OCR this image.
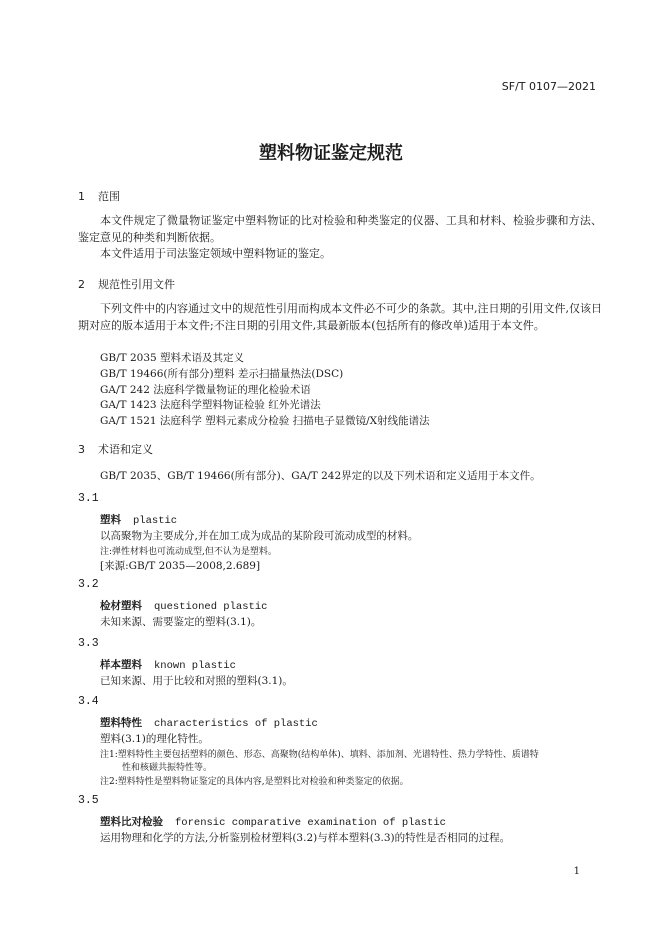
SF/T 0107—2021
塑料物证鉴定规范
1 范围
本文件规定了微量物证鉴定中塑料物证的比对检验和种类鉴定的仪器、工具和材料、检验步骤和方法、鉴定意见的种类和判断依据。
本文件适用于司法鉴定领域中塑料物证的鉴定。
2 规范性引用文件
下列文件中的内容通过文中的规范性引用而构成本文件必不可少的条款。其中,注日期的引用文件,仅该日期对应的版本适用于本文件;不注日期的引用文件,其最新版本(包括所有的修改单)适用于本文件。
GB/T 2035 塑料术语及其定义
GB/T 19466(所有部分)塑料 差示扫描量热法(DSC)
GA/T 242 法庭科学微量物证的理化检验术语
GA/T 1423 法庭科学塑料物证检验 红外光谱法
GA/T 1521 法庭科学 塑料元素成分检验 扫描电子显微镜/X射线能谱法
3 术语和定义
GB/T 2035、GB/T 19466(所有部分)、GA/T 242界定的以及下列术语和定义适用于本文件。
3.1
塑料 plastic
以高聚物为主要成分,并在加工成为成品的某阶段可流动成型的材料。
注:弹性材料也可流动成型,但不认为是塑料。
[来源:GB/T 2035—2008,2.689]
3.2
检材塑料 questioned plastic
未知来源、需要鉴定的塑料(3.1)。
3.3
样本塑料 known plastic
已知来源、用于比较和对照的塑料(3.1)。
3.4
塑料特性 characteristics of plastic
塑料(3.1)的理化特性。
注1:塑料特性主要包括塑料的颜色、形态、高聚物(结构单体)、填料、添加剂、光谱特性、热力学特性、质谱特
性和核磁共振特性等。
注2:塑料特性是塑料物证鉴定的具体内容,是塑料比对检验和种类鉴定的依据。
3.5
塑料比对检验 forensic comparative examination of plastic
运用物理和化学的方法,分析鉴别检材塑料(3.2)与样本塑料(3.3)的特性是否相同的过程。
1
